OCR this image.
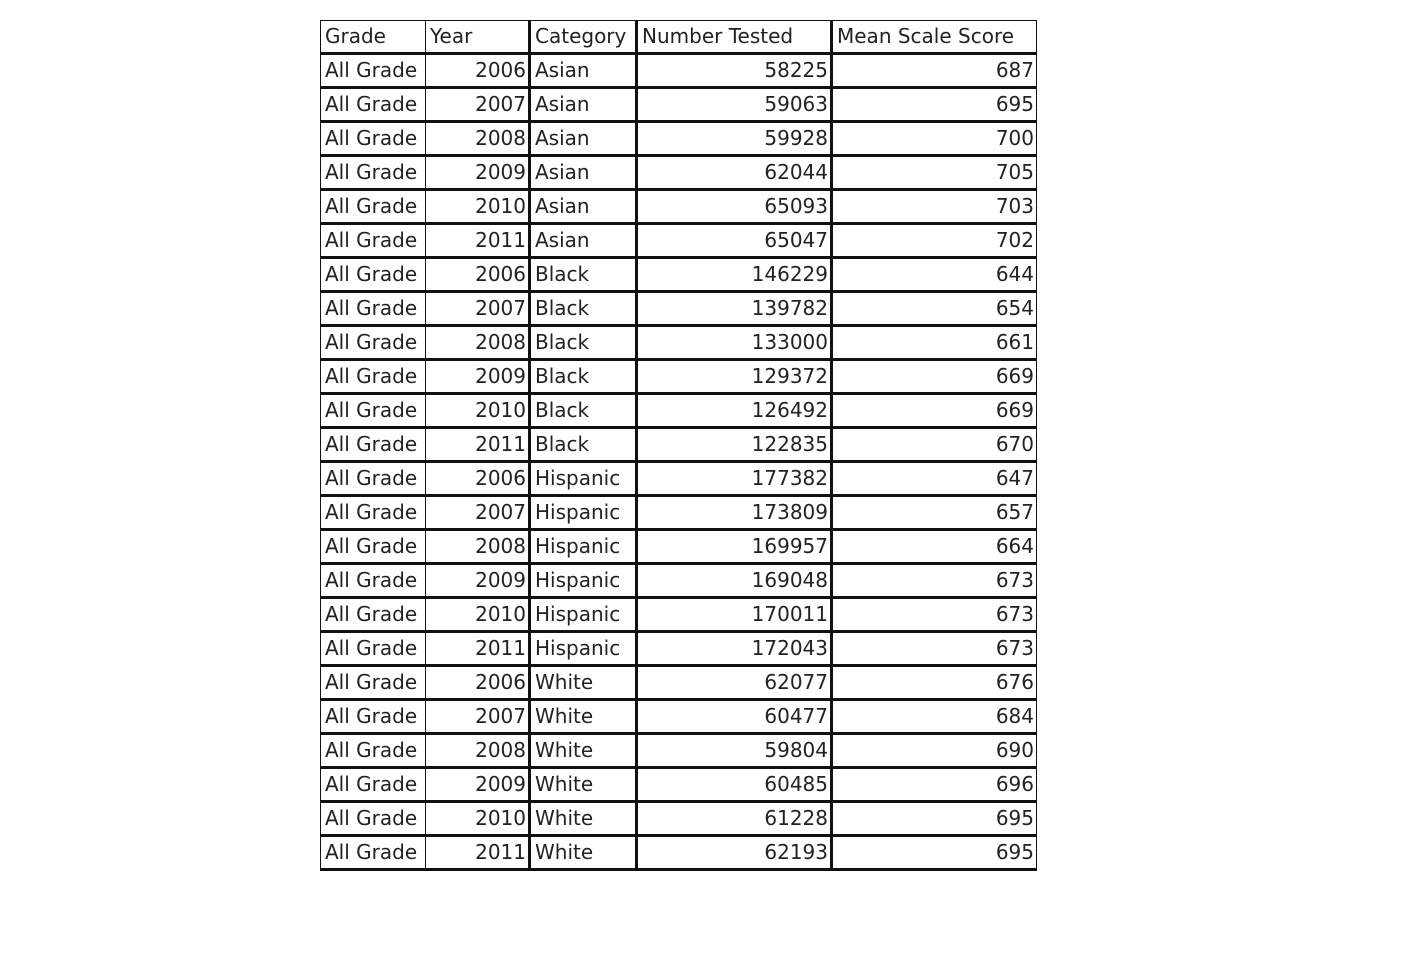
Grade	Year	Category	Number Tested	Mean Scale Score
All Grade	2006	Asian	58225	687
All Grade	2007	Asian	59063	695
All Grade	2008	Asian	59928	700
All Grade	2009	Asian	62044	705
All Grade	2010	Asian	65093	703
All Grade	2011	Asian	65047	702
All Grade	2006	Black	146229	644
All Grade	2007	Black	139782	654
All Grade	2008	Black	133000	661
All Grade	2009	Black	129372	669
All Grade	2010	Black	126492	669
All Grade	2011	Black	122835	670
All Grade	2006	Hispanic	177382	647
All Grade	2007	Hispanic	173809	657
All Grade	2008	Hispanic	169957	664
All Grade	2009	Hispanic	169048	673
All Grade	2010	Hispanic	170011	673
All Grade	2011	Hispanic	172043	673
All Grade	2006	White	62077	676
All Grade	2007	White	60477	684
All Grade	2008	White	59804	690
All Grade	2009	White	60485	696
All Grade	2010	White	61228	695
All Grade	2011	White	62193	695
